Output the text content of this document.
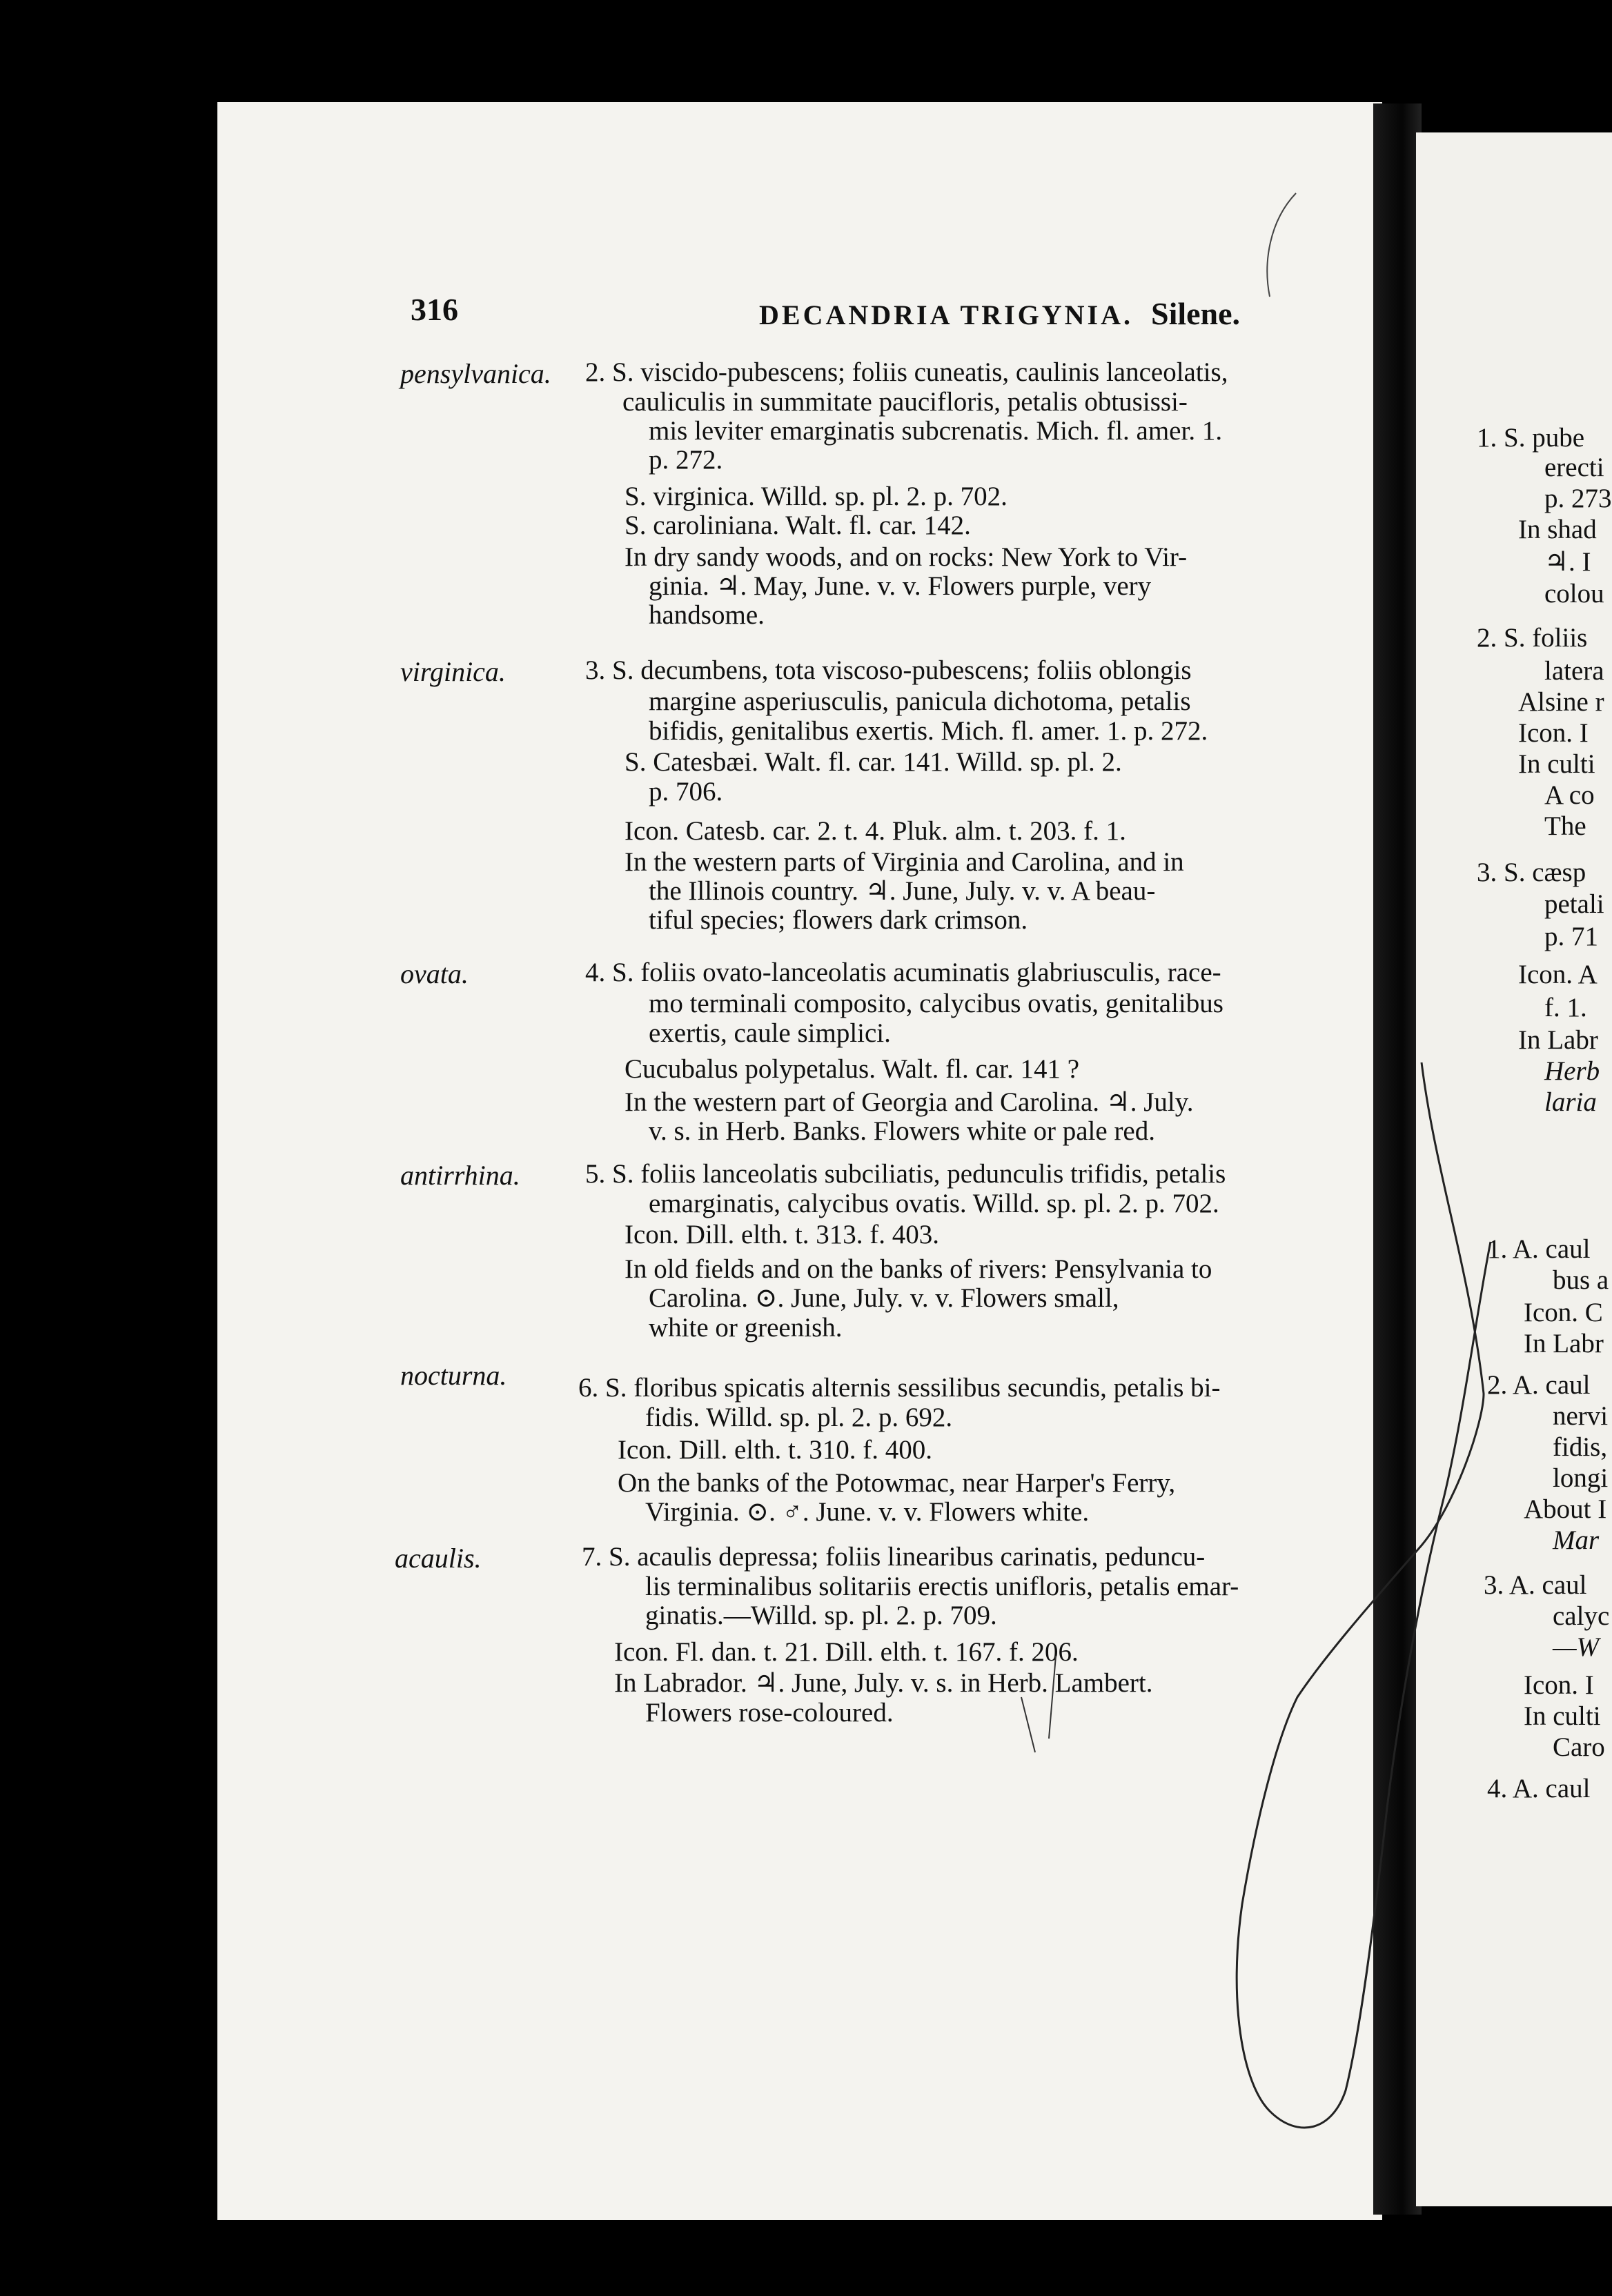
316	DECANDRIA TRIGYNIA. Silene.
pensylvanica. 2. S. viscido-pubescens; foliis cuneatis, caulinis lanceolatis,
cauliculis in summitate paucifloris, petalis obtusissi-
mis leviter emarginatis subcrenatis. Mich. fl. amer. 1.
p. 272.
S. virginica. Willd. sp. pl. 2. p. 702.
S. caroliniana. Walt. fl. car. 142.
In dry sandy woods, and on rocks: New York to Vir-
ginia. ♃. May, June. v. v. Flowers purple, very
handsome.
virginica.	3. S. decumbens, tota viscoso-pubescens; foliis oblongis
margine asperiusculis, panicula dichotoma, petalis
bifidis, genitalibus exertis. Mich. fl. amer. 1. p. 272.
S. Catesbæi. Walt. fl. car. 141. Willd. sp. pl. 2.
p. 706.
Icon. Catesb. car. 2. t. 4. Pluk. alm. t. 203. f. 1.
In the western parts of Virginia and Carolina, and in
the Illinois country. ♃. June, July. v. v. A beau-
tiful species; flowers dark crimson.
ovata.	4. S. foliis ovato-lanceolatis acuminatis glabriusculis, race-
mo terminali composito, calycibus ovatis, genitalibus
exertis, caule simplici.
Cucubalus polypetalus. Walt. fl. car. 141 ?
In the western part of Georgia and Carolina. ♃. July.
v. s. in Herb. Banks. Flowers white or pale red.
antirrhina. 5. S. foliis lanceolatis subciliatis, pedunculis trifidis, petalis
emarginatis, calycibus ovatis. Willd. sp. pl. 2. p. 702.
Icon. Dill. elth. t. 313. f. 403.
In old fields and on the banks of rivers: Pensylvania to
Carolina. ⊙. June, July. v. v. Flowers small,
white or greenish.
nocturna.	6. S. floribus spicatis alternis sessilibus secundis, petalis bi-
fidis. Willd. sp. pl. 2. p. 692.
Icon. Dill. elth. t. 310. f. 400.
On the banks of the Potowmac, near Harper's Ferry,
Virginia. ⊙. ♂. June. v. v. Flowers white.
acaulis.	7. S. acaulis depressa; foliis linearibus carinatis, peduncu-
lis terminalibus solitariis erectis unifloris, petalis emar-
ginatis.—Willd. sp. pl. 2. p. 709.
Icon. Fl. dan. t. 21. Dill. elth. t. 167. f. 206.
In Labrador. ♃. June, July. v. s. in Herb. Lambert.
Flowers rose-coloured.
1. S. pube
erecti
p. 273
In shad
♃. I
colou
2. S. foliis
latera
Alsine r
Icon. I
In culti
A co
The
3. S. cæsp
petali
p. 71
Icon. A
f. 1.
In Labr
Herb
laria
1. A. caul
bus a
Icon. C
In Labr
2. A. caul
nervi
fidis,
longi
About I
Mar
3. A. caul
calyc
—W
Icon. I
In culti
Caro
4. A. caul
